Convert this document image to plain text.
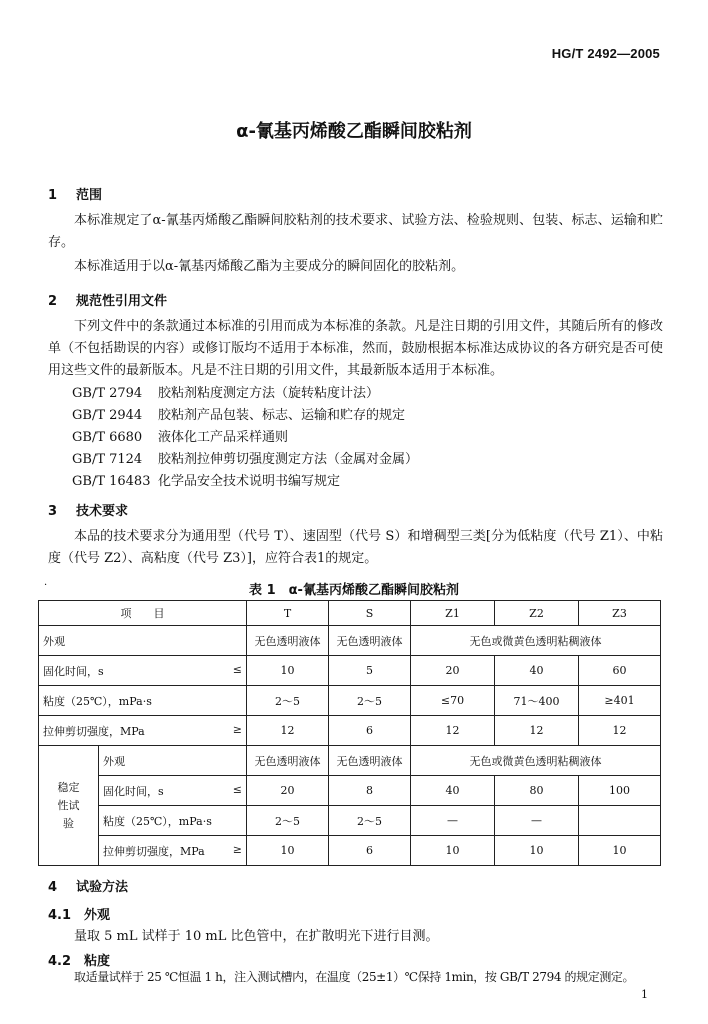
HG/T 2492—2005
α-氰基丙烯酸乙酯瞬间胶粘剂
1 范围
本标准规定了α-氰基丙烯酸乙酯瞬间胶粘剂的技术要求、试验方法、检验规则、包装、标志、运输和贮存。
本标准适用于以α-氰基丙烯酸乙酯为主要成分的瞬间固化的胶粘剂。
2 规范性引用文件
下列文件中的条款通过本标准的引用而成为本标准的条款。凡是注日期的引用文件，其随后所有的修改单（不包括勘误的内容）或修订版均不适用于本标准，然而，鼓励根据本标准达成协议的各方研究是否可使用这些文件的最新版本。凡是不注日期的引用文件，其最新版本适用于本标准。
GB/T 2794 胶粘剂粘度测定方法（旋转粘度计法）
GB/T 2944 胶粘剂产品包装、标志、运输和贮存的规定
GB/T 6680 液体化工产品采样通则
GB/T 7124 胶粘剂拉伸剪切强度测定方法（金属对金属）
GB/T 16483 化学品安全技术说明书编写规定
3 技术要求
本品的技术要求分为通用型（代号 T）、速固型（代号 S）和增稠型三类[分为低粘度（代号 Z1）、中粘度（代号 Z2）、高粘度（代号 Z3）]，应符合表1的规定。
·	表 1　α-氰基丙烯酸乙酯瞬间胶粘剂
项　　目		T	S	Z1	Z2	Z3
外观		无色透明液体	无色透明液体	无色或微黄色透明粘稠液体		
固化时间，s ≤		10	5	20	40	60
粘度（25℃），mPa·s		2～5	2～5	≤70	71～400	≥401
拉伸剪切强度，MPa ≥		12	6	12	12	12
稳定性试验	外观	无色透明液体	无色透明液体	无色或微黄色透明粘稠液体		
	固化时间，s ≤	20	8	40	80	100
	粘度（25℃），mPa·s	2～5	2～5	—	—	
	拉伸剪切强度，MPa ≥	10	6	10	10	10
4 试验方法
4.1 外观
量取 5 mL 试样于 10 mL 比色管中，在扩散明光下进行目测。
4.2 粘度
取适量试样于 25 ℃恒温 1 h，注入测试槽内，在温度（25±1）℃保持 1min，按 GB/T 2794 的规定测定。
1
